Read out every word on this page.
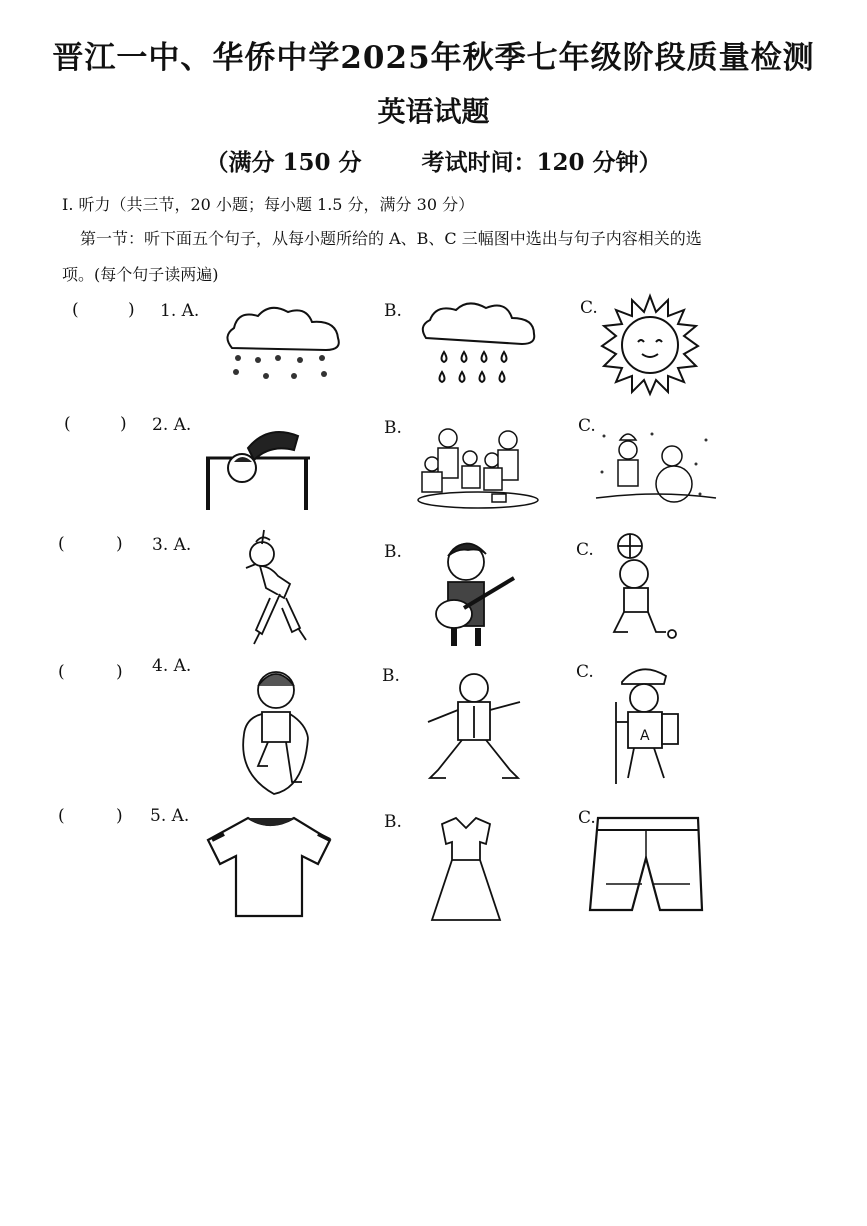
晋江一中、华侨中学2025年秋季七年级阶段质量检测
英语试题
（满分 150 分	考试时间：120 分钟）
I. 听力（共三节，20 小题；每小题 1.5 分，满分 30 分）
第一节：听下面五个句子，从每小题所给的 A、B、C 三幅图中选出与句子内容相关的选
项。(每个句子读两遍)
(	) 1. A.	B.	C.
(	) 2. A.	B.	C.
(	) 3. A.	B.	C.
(	) 4. A.	B.	C.
A
(	) 5. A.	B.	C.
